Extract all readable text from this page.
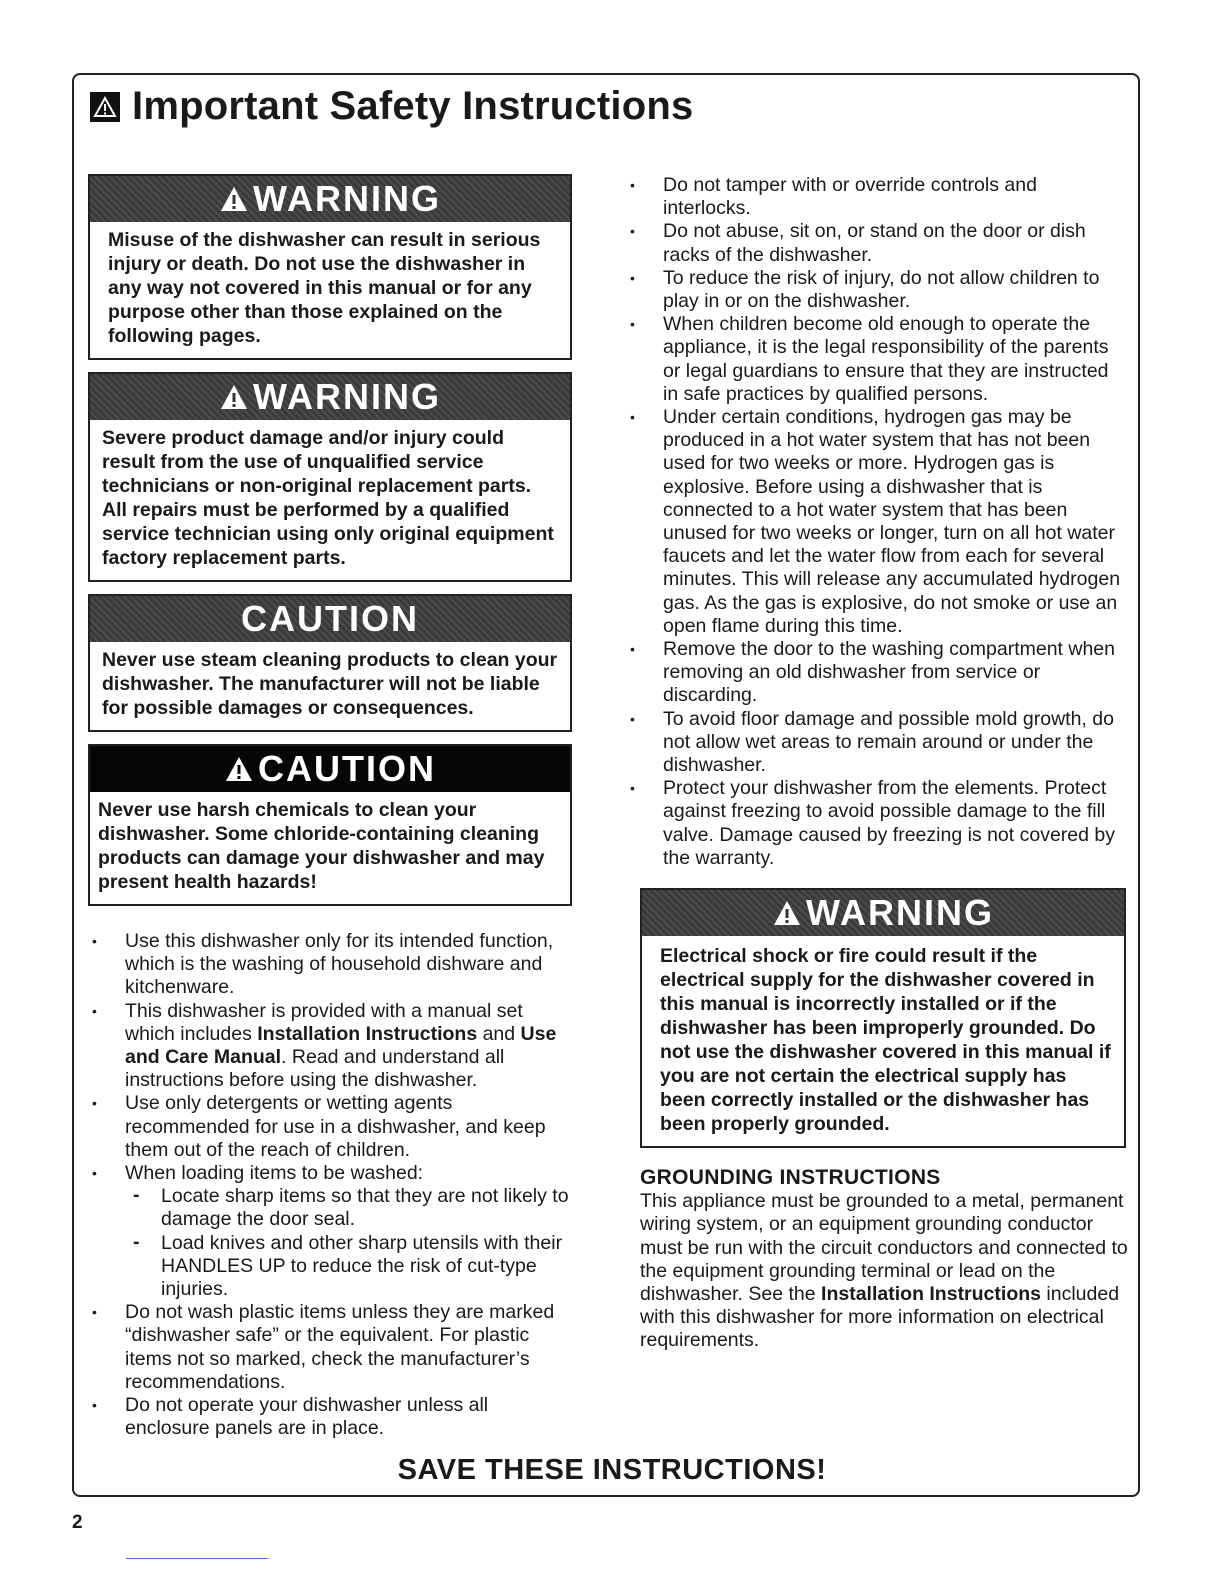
Important Safety Instructions
WARNING
Misuse of the dishwasher can result in serious injury or death. Do not use the dishwasher in any way not covered in this manual or for any purpose other than those explained on the following pages.
WARNING
Severe product damage and/or injury could result from the use of unqualified service technicians or non-original replacement parts. All repairs must be performed by a qualified service technician using only original equipment factory replacement parts.
CAUTION
Never use steam cleaning products to clean your dishwasher. The manufacturer will not be liable for possible damages or consequences.
CAUTION
Never use harsh chemicals to clean your dishwasher. Some chloride-containing cleaning products can damage your dishwasher and may present health hazards!
• Use this dishwasher only for its intended function, which is the washing of household dishware and kitchenware.
• This dishwasher is provided with a manual set which includes Installation Instructions and Use and Care Manual. Read and understand all instructions before using the dishwasher.
• Use only detergents or wetting agents recommended for use in a dishwasher, and keep them out of the reach of children.
• When loading items to be washed:
- Locate sharp items so that they are not likely to damage the door seal.
- Load knives and other sharp utensils with their HANDLES UP to reduce the risk of cut-type injuries.
• Do not wash plastic items unless they are marked “dishwasher safe” or the equivalent. For plastic items not so marked, check the manufacturer’s recommendations.
• Do not operate your dishwasher unless all enclosure panels are in place.
• Do not tamper with or override controls and interlocks.
• Do not abuse, sit on, or stand on the door or dish racks of the dishwasher.
• To reduce the risk of injury, do not allow children to play in or on the dishwasher.
• When children become old enough to operate the appliance, it is the legal responsibility of the parents or legal guardians to ensure that they are instructed in safe practices by qualified persons.
• Under certain conditions, hydrogen gas may be produced in a hot water system that has not been used for two weeks or more. Hydrogen gas is explosive. Before using a dishwasher that is connected to a hot water system that has been unused for two weeks or longer, turn on all hot water faucets and let the water flow from each for several minutes. This will release any accumulated hydrogen gas. As the gas is explosive, do not smoke or use an open flame during this time.
• Remove the door to the washing compartment when removing an old dishwasher from service or discarding.
• To avoid floor damage and possible mold growth, do not allow wet areas to remain around or under the dishwasher.
• Protect your dishwasher from the elements. Protect against freezing to avoid possible damage to the fill valve. Damage caused by freezing is not covered by the warranty.
WARNING
Electrical shock or fire could result if the electrical supply for the dishwasher covered in this manual is incorrectly installed or if the dishwasher has been improperly grounded. Do not use the dishwasher covered in this manual if you are not certain the electrical supply has been correctly installed or the dishwasher has been properly grounded.
GROUNDING INSTRUCTIONS
This appliance must be grounded to a metal, permanent wiring system, or an equipment grounding conductor must be run with the circuit conductors and connected to the equipment grounding terminal or lead on the dishwasher. See the Installation Instructions included with this dishwasher for more information on electrical requirements.
SAVE THESE INSTRUCTIONS!
2
